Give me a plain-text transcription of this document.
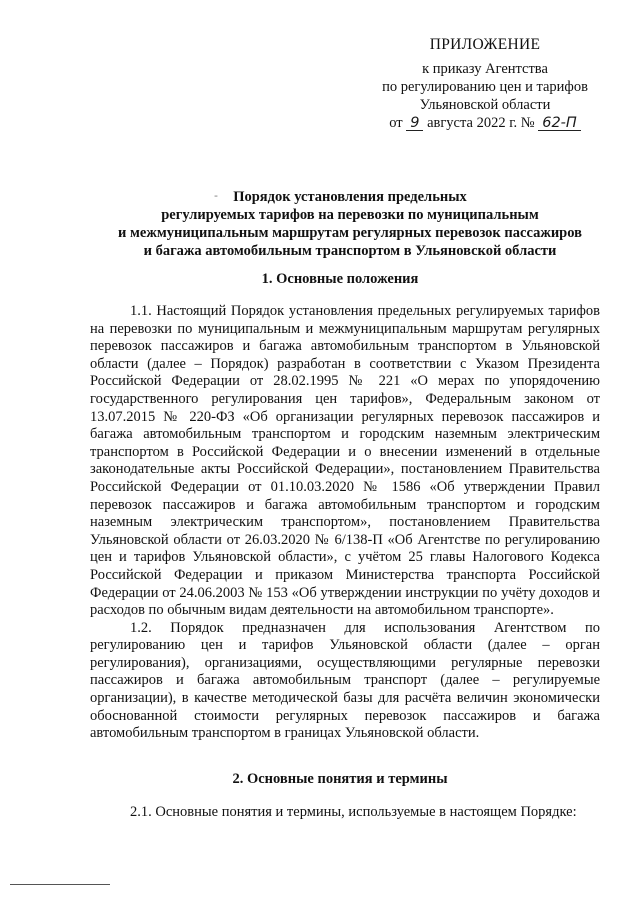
ПРИЛОЖЕНИЕ
к приказу Агентства
по регулированию цен и тарифов
Ульяновской области
от 9 августа 2022 г. № 62-П
-	Порядок установления предельных
регулируемых тарифов на перевозки по муниципальным
и межмуниципальным маршрутам регулярных перевозок пассажиров
и багажа автомобильным транспортом в Ульяновской области
1. Основные положения

1.1. Настоящий Порядок установления предельных регулируемых тарифов на перевозки по муниципальным и межмуниципальным маршрутам регулярных перевозок пассажиров и багажа автомобильным транспортом в Ульяновской области (далее – Порядок) разработан в соответствии с Указом Президента Российской Федерации от 28.02.1995 № 221 «О мерах по упорядочению государственного регулирования цен тарифов», Федеральным законом от 13.07.2015 № 220-ФЗ «Об организации регулярных перевозок пассажиров и багажа автомобильным транспортом и городским наземным электрическим транспортом в Российской Федерации и о внесении изменений в отдельные законодательные акты Российской Федерации», постановлением Правительства Российской Федерации от 01.10.03.2020 № 1586 «Об утверждении Правил перевозок пассажиров и багажа автомобильным транспортом и городским наземным электрическим транспортом», постановлением Правительства Ульяновской области от 26.03.2020 № 6/138-П «Об Агентстве по регулированию цен и тарифов Ульяновской области», с учётом 25 главы Налогового Кодекса Российской Федерации и приказом Министерства транспорта Российской Федерации от 24.06.2003 № 153 «Об утверждении инструкции по учёту доходов и расходов по обычным видам деятельности на автомобильном транспорте».

1.2. Порядок предназначен для использования Агентством по регулированию цен и тарифов Ульяновской области (далее – орган регулирования), организациями, осуществляющими регулярные перевозки пассажиров и багажа автомобильным транспорт (далее – регулируемые организации), в качестве методической базы для расчёта величин экономически обоснованной стоимости регулярных перевозок пассажиров и багажа автомобильным транспортом в границах Ульяновской области.

2. Основные понятия и термины
2.1. Основные понятия и термины, используемые в настоящем Порядке:
